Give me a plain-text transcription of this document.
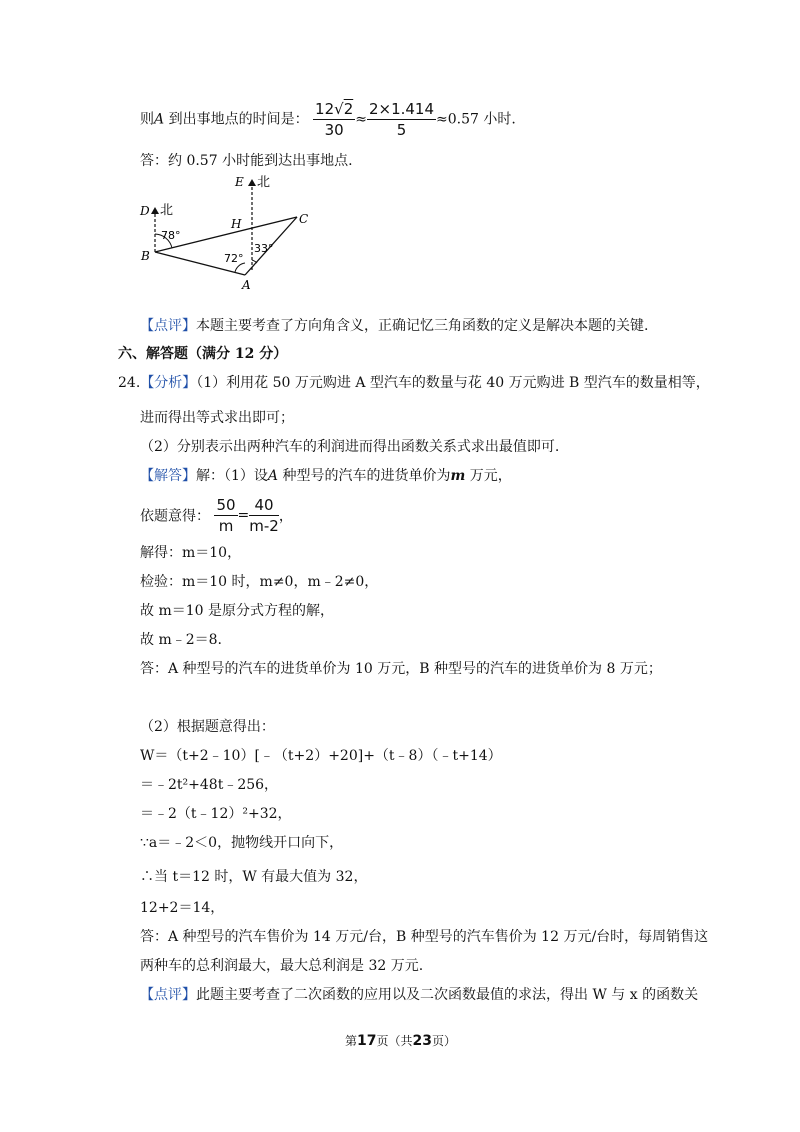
则A 到出事地点的时间是： $\frac{12√2}{30} \approx \frac{2\times 1.414}{5} \approx 0.57$ 小时.
答：约 0.57 小时能到达出事地点.
E 北
D 北
H	C
B
A
78°
72°
33°
【点评】本题主要考查了方向角含义，正确记忆三角函数的定义是解决本题的关键.
六、解答题（满分 12 分）
24.【分析】（1）利用花 50 万元购进 A 型汽车的数量与花 40 万元购进 B 型汽车的数量相等，
进而得出等式求出即可；
（2）分别表示出两种汽车的利润进而得出函数关系式求出最值即可.
【解答】解：（1）设A 种型号的汽车的进货单价为m 万元，
依题意得： $\frac{50}{m} = \frac{40}{m-2}$ ，
解得：m＝10，
检验：m＝10 时，m≠0，m﹣2≠0，
故 m＝10 是原分式方程的解，
故 m﹣2＝8.
答：A 种型号的汽车的进货单价为 10 万元，B 种型号的汽车的进货单价为 8 万元；
（2）根据题意得出：
W＝（t+2﹣10）[﹣（t+2）+20]+（t﹣8）（﹣t+14）
＝﹣2t²+48t﹣256，
＝﹣2（t﹣12）²+32，
∵a＝﹣2＜0，抛物线开口向下，
∴当 t＝12 时，W 有最大值为 32，
12+2＝14，
答：A 种型号的汽车售价为 14 万元/台，B 种型号的汽车售价为 12 万元/台时，每周销售这
两种车的总利润最大，最大总利润是 32 万元.
【点评】此题主要考查了二次函数的应用以及二次函数最值的求法，得出 W 与 x 的函数关
第17页（共23页）
